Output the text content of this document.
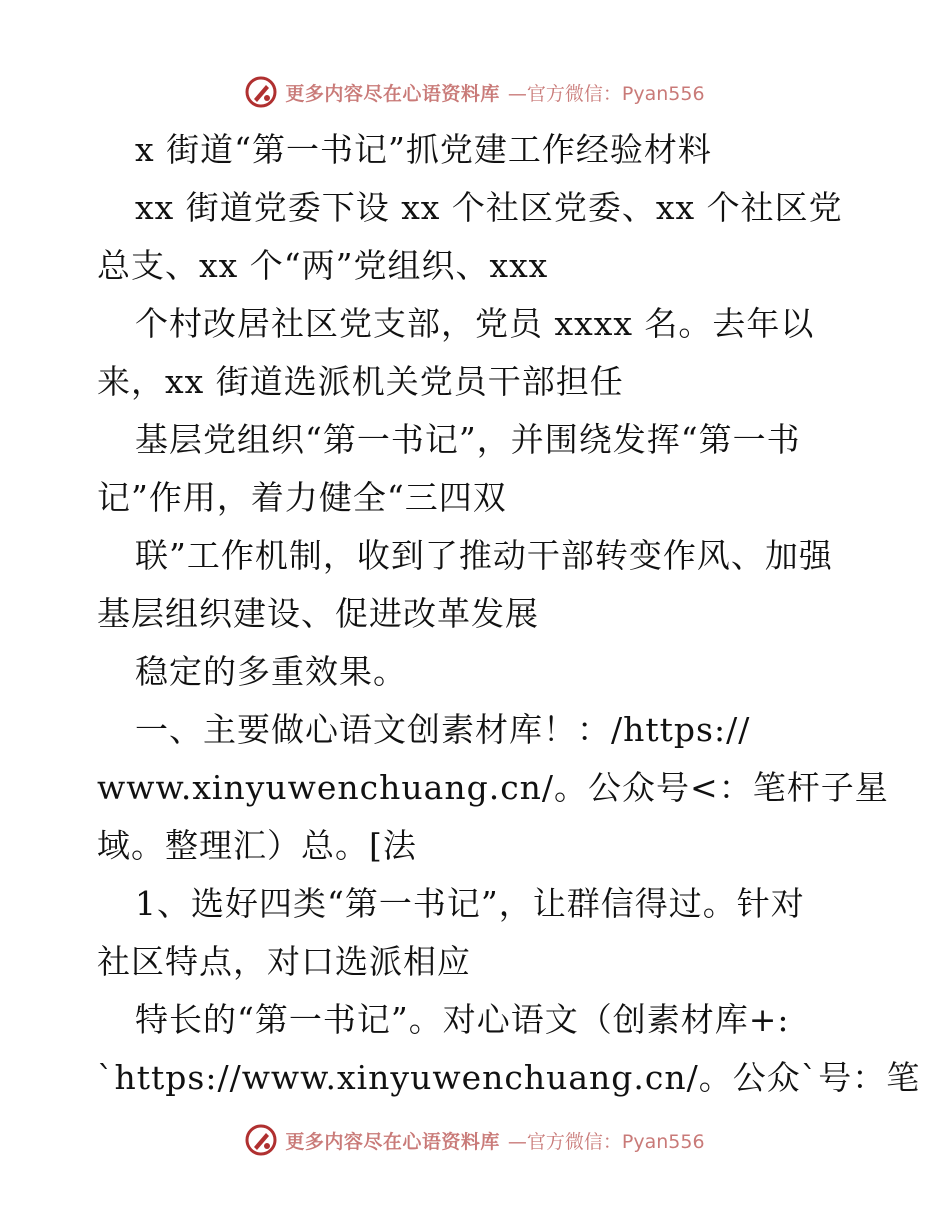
更多内容尽在心语资料库 —官方微信：Pyan556
x 街道“第一书记”抓党建工作经验材料
xx 街道党委下设 xx 个社区党委、xx 个社区党
总支、xx 个“两”党组织、xxx
个村改居社区党支部，党员 xxxx 名。去年以
来，xx 街道选派机关党员干部担任
基层党组织“第一书记”，并围绕发挥“第一书
记”作用，着力健全“三四双
联”工作机制，收到了推动干部转变作风、加强
基层组织建设、促进改革发展
稳定的多重效果。
一、主要做心语文创素材库！：/https://
www.xinyuwenchuang.cn/。公众号<：笔杆子星
域。整理汇）总。[法
1、选好四类“第一书记”，让群信得过。针对
社区特点，对口选派相应
特长的“第一书记”。对心语文（创素材库+:
`https://www.xinyuwenchuang.cn/。公众`号：笔
更多内容尽在心语资料库 —官方微信：Pyan556
